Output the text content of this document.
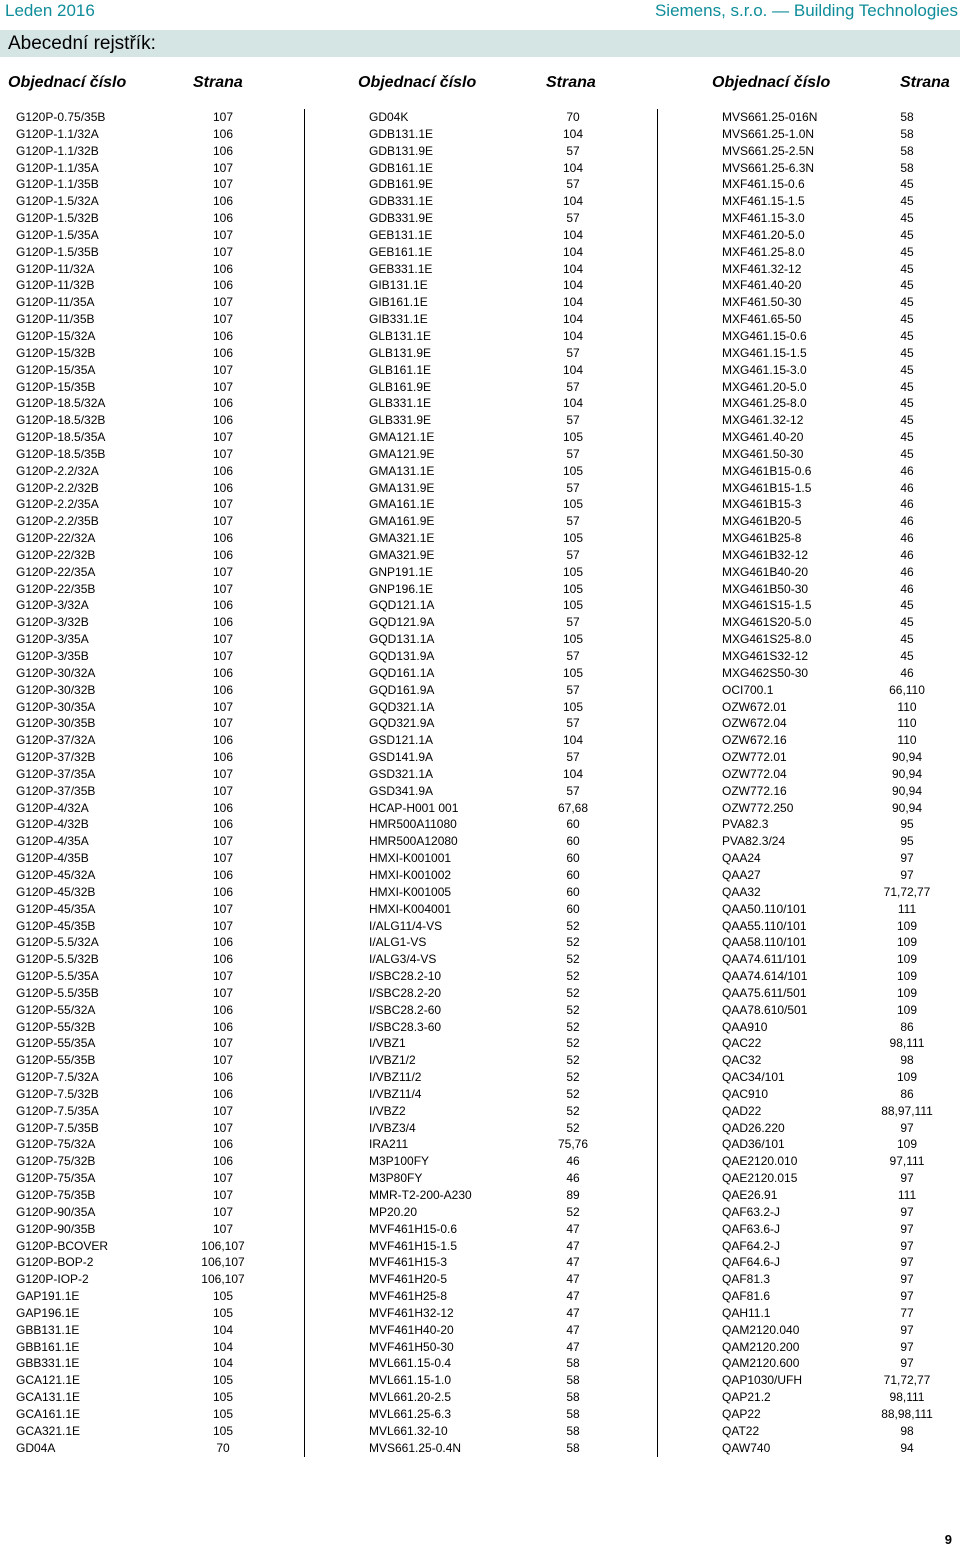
Leden 2016	Siemens, s.r.o. — Building Technologies
Abecední rejstřík:
Objednací číslo	Strana	Objednací číslo	Strana	Objednací číslo	Strana
G120P-0.75/35B	107
G120P-1.1/32A	106
G120P-1.1/32B	106
G120P-1.1/35A	107
G120P-1.1/35B	107
G120P-1.5/32A	106
G120P-1.5/32B	106
G120P-1.5/35A	107
G120P-1.5/35B	107
G120P-11/32A	106
G120P-11/32B	106
G120P-11/35A	107
G120P-11/35B	107
G120P-15/32A	106
G120P-15/32B	106
G120P-15/35A	107
G120P-15/35B	107
G120P-18.5/32A	106
G120P-18.5/32B	106
G120P-18.5/35A	107
G120P-18.5/35B	107
G120P-2.2/32A	106
G120P-2.2/32B	106
G120P-2.2/35A	107
G120P-2.2/35B	107
G120P-22/32A	106
G120P-22/32B	106
G120P-22/35A	107
G120P-22/35B	107
G120P-3/32A	106
G120P-3/32B	106
G120P-3/35A	107
G120P-3/35B	107
G120P-30/32A	106
G120P-30/32B	106
G120P-30/35A	107
G120P-30/35B	107
G120P-37/32A	106
G120P-37/32B	106
G120P-37/35A	107
G120P-37/35B	107
G120P-4/32A	106
G120P-4/32B	106
G120P-4/35A	107
G120P-4/35B	107
G120P-45/32A	106
G120P-45/32B	106
G120P-45/35A	107
G120P-45/35B	107
G120P-5.5/32A	106
G120P-5.5/32B	106
G120P-5.5/35A	107
G120P-5.5/35B	107
G120P-55/32A	106
G120P-55/32B	106
G120P-55/35A	107
G120P-55/35B	107
G120P-7.5/32A	106
G120P-7.5/32B	106
G120P-7.5/35A	107
G120P-7.5/35B	107
G120P-75/32A	106
G120P-75/32B	106
G120P-75/35A	107
G120P-75/35B	107
G120P-90/35A	107
G120P-90/35B	107
G120P-BCOVER	106,107
G120P-BOP-2	106,107
G120P-IOP-2	106,107
GAP191.1E	105
GAP196.1E	105
GBB131.1E	104
GBB161.1E	104
GBB331.1E	104
GCA121.1E	105
GCA131.1E	105
GCA161.1E	105
GCA321.1E	105
GD04A	70
GD04K	70
GDB131.1E	104
GDB131.9E	57
GDB161.1E	104
GDB161.9E	57
GDB331.1E	104
GDB331.9E	57
GEB131.1E	104
GEB161.1E	104
GEB331.1E	104
GIB131.1E	104
GIB161.1E	104
GIB331.1E	104
GLB131.1E	104
GLB131.9E	57
GLB161.1E	104
GLB161.9E	57
GLB331.1E	104
GLB331.9E	57
GMA121.1E	105
GMA121.9E	57
GMA131.1E	105
GMA131.9E	57
GMA161.1E	105
GMA161.9E	57
GMA321.1E	105
GMA321.9E	57
GNP191.1E	105
GNP196.1E	105
GQD121.1A	105
GQD121.9A	57
GQD131.1A	105
GQD131.9A	57
GQD161.1A	105
GQD161.9A	57
GQD321.1A	105
GQD321.9A	57
GSD121.1A	104
GSD141.9A	57
GSD321.1A	104
GSD341.9A	57
HCAP-H001 001	67,68
HMR500A11080	60
HMR500A12080	60
HMXI-K001001	60
HMXI-K001002	60
HMXI-K001005	60
HMXI-K004001	60
I/ALG11/4-VS	52
I/ALG1-VS	52
I/ALG3/4-VS	52
I/SBC28.2-10	52
I/SBC28.2-20	52
I/SBC28.2-60	52
I/SBC28.3-60	52
I/VBZ1	52
I/VBZ1/2	52
I/VBZ11/2	52
I/VBZ11/4	52
I/VBZ2	52
I/VBZ3/4	52
IRA211	75,76
M3P100FY	46
M3P80FY	46
MMR-T2-200-A230	89
MP20.20	52
MVF461H15-0.6	47
MVF461H15-1.5	47
MVF461H15-3	47
MVF461H20-5	47
MVF461H25-8	47
MVF461H32-12	47
MVF461H40-20	47
MVF461H50-30	47
MVL661.15-0.4	58
MVL661.15-1.0	58
MVL661.20-2.5	58
MVL661.25-6.3	58
MVL661.32-10	58
MVS661.25-0.4N	58
MVS661.25-016N	58
MVS661.25-1.0N	58
MVS661.25-2.5N	58
MVS661.25-6.3N	58
MXF461.15-0.6	45
MXF461.15-1.5	45
MXF461.15-3.0	45
MXF461.20-5.0	45
MXF461.25-8.0	45
MXF461.32-12	45
MXF461.40-20	45
MXF461.50-30	45
MXF461.65-50	45
MXG461.15-0.6	45
MXG461.15-1.5	45
MXG461.15-3.0	45
MXG461.20-5.0	45
MXG461.25-8.0	45
MXG461.32-12	45
MXG461.40-20	45
MXG461.50-30	45
MXG461B15-0.6	46
MXG461B15-1.5	46
MXG461B15-3	46
MXG461B20-5	46
MXG461B25-8	46
MXG461B32-12	46
MXG461B40-20	46
MXG461B50-30	46
MXG461S15-1.5	45
MXG461S20-5.0	45
MXG461S25-8.0	45
MXG461S32-12	45
MXG462S50-30	46
OCI700.1	66,110
OZW672.01	110
OZW672.04	110
OZW672.16	110
OZW772.01	90,94
OZW772.04	90,94
OZW772.16	90,94
OZW772.250	90,94
PVA82.3	95
PVA82.3/24	95
QAA24	97
QAA27	97
QAA32	71,72,77
QAA50.110/101	111
QAA55.110/101	109
QAA58.110/101	109
QAA74.611/101	109
QAA74.614/101	109
QAA75.611/501	109
QAA78.610/501	109
QAA910	86
QAC22	98,111
QAC32	98
QAC34/101	109
QAC910	86
QAD22	88,97,111
QAD26.220	97
QAD36/101	109
QAE2120.010	97,111
QAE2120.015	97
QAE26.91	111
QAF63.2-J	97
QAF63.6-J	97
QAF64.2-J	97
QAF64.6-J	97
QAF81.3	97
QAF81.6	97
QAH11.1	77
QAM2120.040	97
QAM2120.200	97
QAM2120.600	97
QAP1030/UFH	71,72,77
QAP21.2	98,111
QAP22	88,98,111
QAT22	98
QAW740	94
9
